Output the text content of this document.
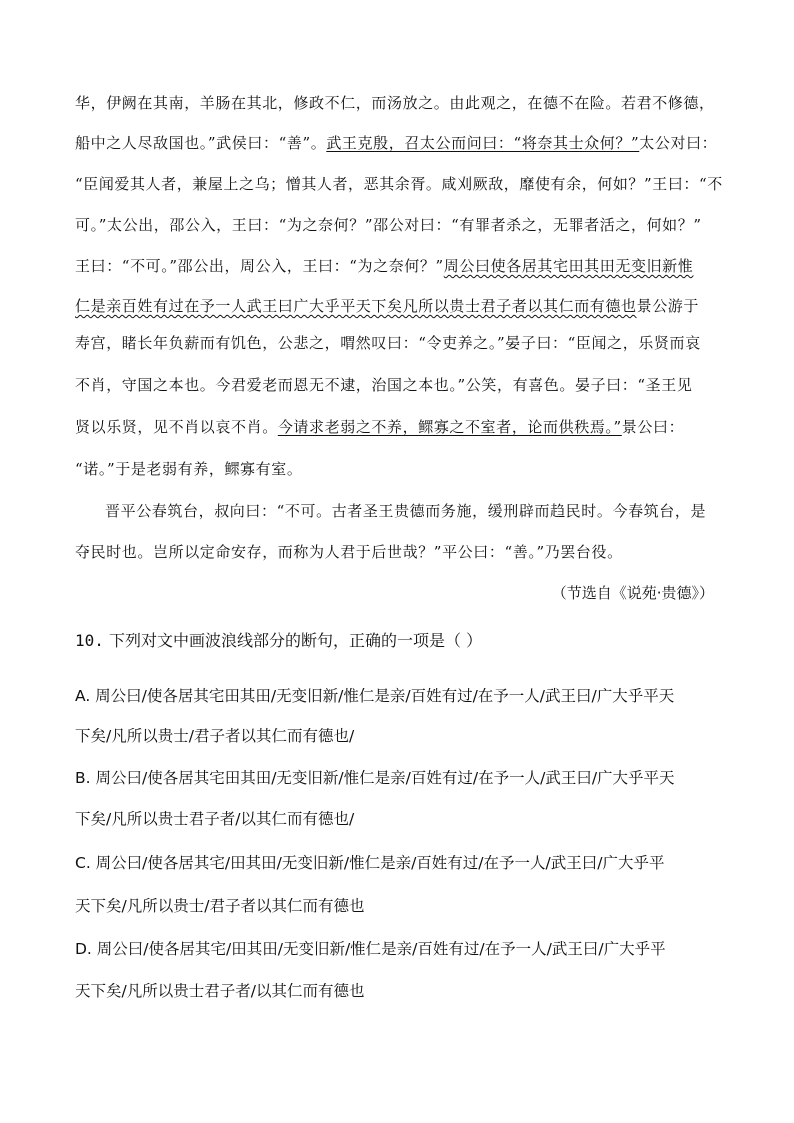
华，伊阙在其南，羊肠在其北，修政不仁，而汤放之。由此观之，在德不在险。若君不修德，
船中之人尽敌国也。”武侯曰：“善”。武王克殷，召太公而问曰：“将奈其士众何？”太公对曰：
“臣闻爱其人者，兼屋上之乌；憎其人者，恶其余胥。咸刈厥敌，靡使有余，何如？”王曰：“不
可。”太公出，邵公入，王曰：“为之奈何？”邵公对曰：“有罪者杀之，无罪者活之，何如？”
王曰：“不可。”邵公出，周公入，王曰：“为之奈何？”周公曰使各居其宅田其田无变旧新惟
仁是亲百姓有过在予一人武王曰广大乎平天下矣凡所以贵士君子者以其仁而有德也景公游于
寿宫，睹长年负薪而有饥色，公悲之，喟然叹曰：“令吏养之。”晏子曰：“臣闻之，乐贤而哀
不肖，守国之本也。今君爱老而恩无不逮，治国之本也。”公笑，有喜色。晏子曰：“圣王见
贤以乐贤，见不肖以哀不肖。今请求老弱之不养，鳏寡之不室者，论而供秩焉。”景公曰：
“诺。”于是老弱有养，鳏寡有室。
晋平公春筑台，叔向曰：“不可。古者圣王贵德而务施，缓刑辟而趋民时。今春筑台，是
夺民时也。岂所以定命安存，而称为人君于后世哉？”平公曰：“善。”乃罢台役。
（节选自《说苑·贵德》）
10. 下列对文中画波浪线部分的断句，正确的一项是（ ）
A. 周公曰/使各居其宅田其田/无变旧新/惟仁是亲/百姓有过/在予一人/武王曰/广大乎平天
下矣/凡所以贵士/君子者以其仁而有德也/
B. 周公曰/使各居其宅田其田/无变旧新/惟仁是亲/百姓有过/在予一人/武王曰/广大乎平天
下矣/凡所以贵士君子者/以其仁而有德也/
C. 周公曰/使各居其宅/田其田/无变旧新/惟仁是亲/百姓有过/在予一人/武王曰/广大乎平
天下矣/凡所以贵士/君子者以其仁而有德也
D. 周公曰/使各居其宅/田其田/无变旧新/惟仁是亲/百姓有过/在予一人/武王曰/广大乎平
天下矣/凡所以贵士君子者/以其仁而有德也
